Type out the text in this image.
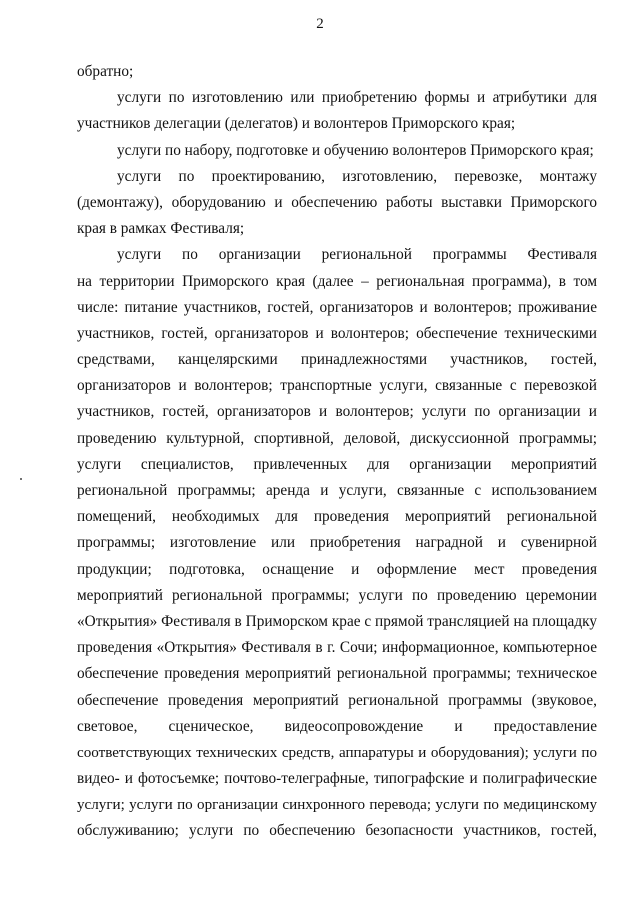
2
обратно;
услуги по изготовлению или приобретению формы и атрибутики для
участников делегации (делегатов) и волонтеров Приморского края;
услуги по набору, подготовке и обучению волонтеров Приморского края;
услуги по проектированию, изготовлению, перевозке, монтажу
(демонтажу), оборудованию и обеспечению работы выставки Приморского
края в рамках Фестиваля;
услуги по организации региональной программы Фестиваля
на территории Приморского края (далее – региональная программа), в том
числе: питание участников, гостей, организаторов и волонтеров; проживание
участников, гостей, организаторов и волонтеров; обеспечение техническими
средствами, канцелярскими принадлежностями участников, гостей,
организаторов и волонтеров; транспортные услуги, связанные с перевозкой
участников, гостей, организаторов и волонтеров; услуги по организации и
проведению культурной, спортивной, деловой, дискуссионной программы;
услуги специалистов, привлеченных для организации мероприятий
региональной программы; аренда и услуги, связанные с использованием
помещений, необходимых для проведения мероприятий региональной
программы; изготовление или приобретения наградной и сувенирной
продукции; подготовка, оснащение и оформление мест проведения
мероприятий региональной программы; услуги по проведению церемонии
«Открытия» Фестиваля в Приморском крае с прямой трансляцией на площадку
проведения «Открытия» Фестиваля в г. Сочи; информационное, компьютерное
обеспечение проведения мероприятий региональной программы; техническое
обеспечение проведения мероприятий региональной программы (звуковое,
световое, сценическое, видеосопровождение и предоставление
соответствующих технических средств, аппаратуры и оборудования); услуги по
видео- и фотосъемке; почтово-телеграфные, типографские и полиграфические
услуги; услуги по организации синхронного перевода; услуги по медицинскому
обслуживанию; услуги по обеспечению безопасности участников, гостей,
